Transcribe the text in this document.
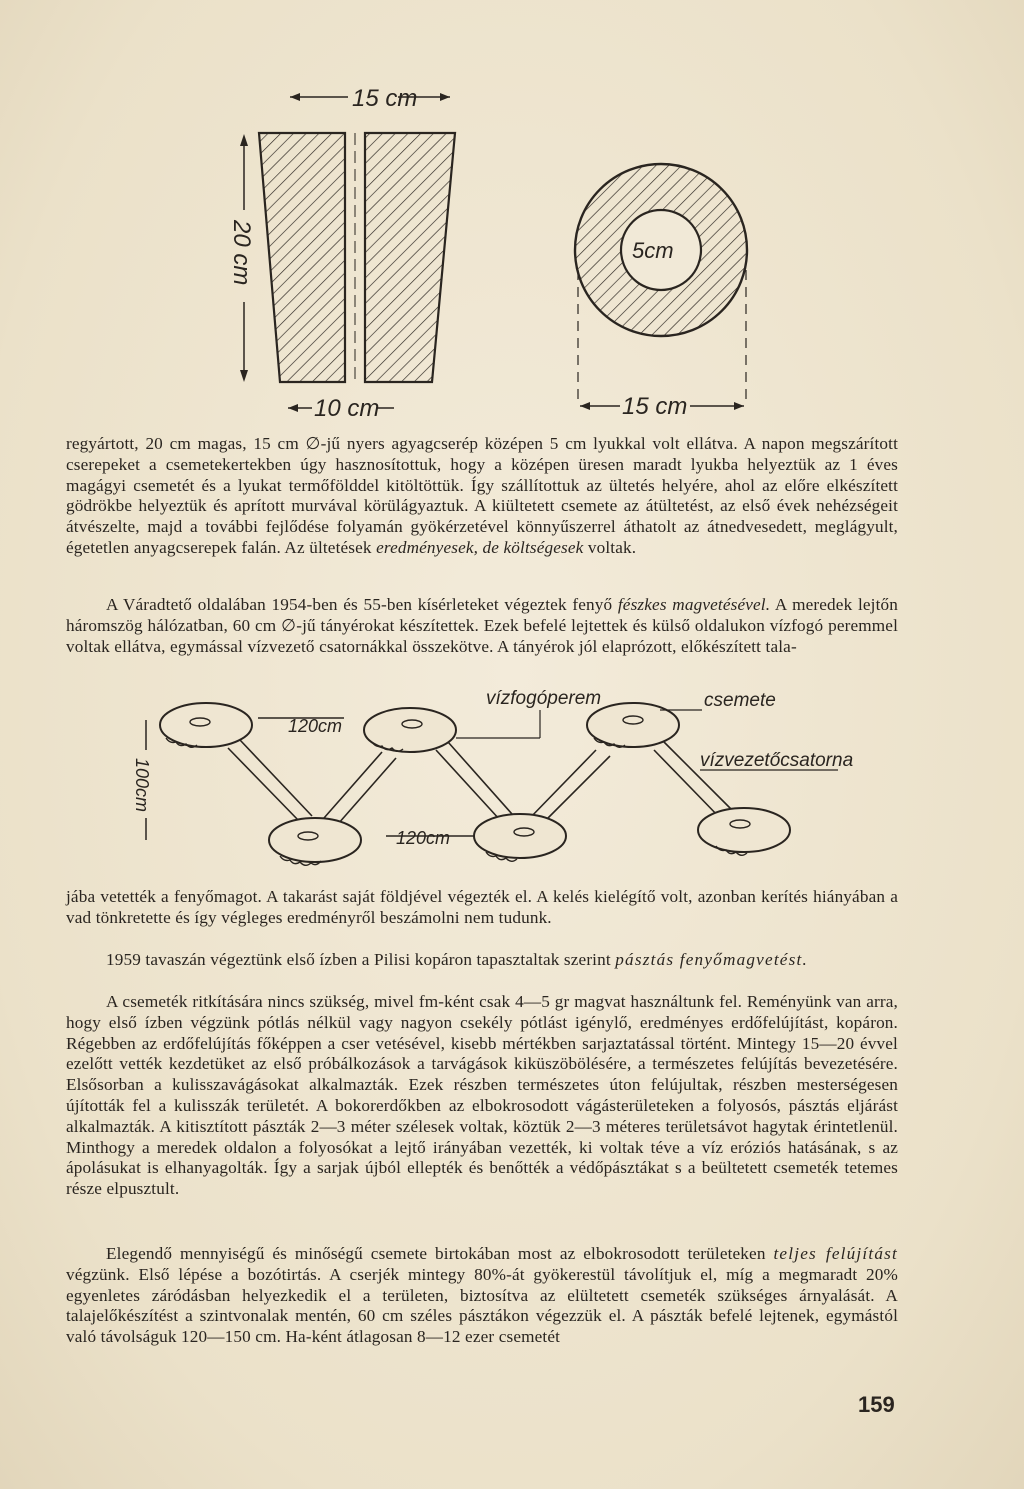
15 cm
20 cm
10 cm
5cm
15 cm

regyártott, 20 cm magas, 15 cm ∅-jű nyers agyagcserép középen 5 cm lyukkal volt ellátva. A napon megszárított cserepeket a csemetekertekben úgy hasznosítottuk, hogy a középen üresen maradt lyukba helyeztük az 1 éves magágyi csemetét és a lyukat termőfölddel kitöltöttük. Így szállítottuk az ültetés helyére, ahol az előre elkészített gödrökbe helyeztük és aprított murvával körülágyaztuk. A kiültetett csemete az átültetést, az első évek nehézségeit átvészelte, majd a további fejlődése folyamán gyökérzetével könnyűszerrel áthatolt az átnedvesedett, meglágyult, égetetlen anyagcserepek falán. Az ültetések eredményesek, de költségesek voltak.

A Váradtető oldalában 1954-ben és 55-ben kísérleteket végeztek fenyő fészkes magvetésével. A meredek lejtőn háromszög hálózatban, 60 cm ∅-jű tányérokat készítettek. Ezek befelé lejtettek és külső oldalukon vízfogó peremmel voltak ellátva, egymással vízvezető csatornákkal összekötve. A tányérok jól elaprózott, előkészített tala-

vízfogóperem	csemete
vízvezetőcsatorna
120cm
120cm
100cm

jába vetették a fenyőmagot. A takarást saját földjével végezték el. A kelés kielégítő volt, azonban kerítés hiányában a vad tönkretette és így végleges eredményről beszámolni nem tudunk.

1959 tavaszán végeztünk első ízben a Pilisi kopáron tapasztaltak szerint pásztás fenyőmagvetést.

A csemeték ritkítására nincs szükség, mivel fm-ként csak 4—5 gr magvat használtunk fel. Reményünk van arra, hogy első ízben végzünk pótlás nélkül vagy nagyon csekély pótlást igénylő, eredményes erdőfelújítást, kopáron. Régebben az erdőfelújítás főképpen a cser vetésével, kisebb mértékben sarjaztatással történt. Mintegy 15—20 évvel ezelőtt vették kezdetüket az első próbálkozások a tarvágások kiküszöbölésére, a természetes felújítás bevezetésére. Elsősorban a kulisszavágásokat alkalmazták. Ezek részben természetes úton felújultak, részben mesterségesen újították fel a kulisszák területét. A bokorerdőkben az elbokrosodott vágásterületeken a folyosós, pásztás eljárást alkalmazták. A kitisztított pászták 2—3 méter szélesek voltak, köztük 2—3 méteres területsávot hagytak érintetlenül. Minthogy a meredek oldalon a folyosókat a lejtő irányában vezették, ki voltak téve a víz eróziós hatásának, s az ápolásukat is elhanyagolták. Így a sarjak újból ellepték és benőtték a védőpásztákat s a beültetett csemeték tetemes része elpusztult.

Elegendő mennyiségű és minőségű csemete birtokában most az elbokrosodott területeken teljes felújítást végzünk. Első lépése a bozótirtás. A cserjék mintegy 80%-át gyökerestül távolítjuk el, míg a megmaradt 20% egyenletes záródásban helyezkedik el a területen, biztosítva az elültetett csemeték szükséges árnyalását. A talajelőkészítést a szintvonalak mentén, 60 cm széles pásztákon végezzük el. A pászták befelé lejtenek, egymástól való távolságuk 120—150 cm. Ha-ként átlagosan 8—12 ezer csemetét

159
